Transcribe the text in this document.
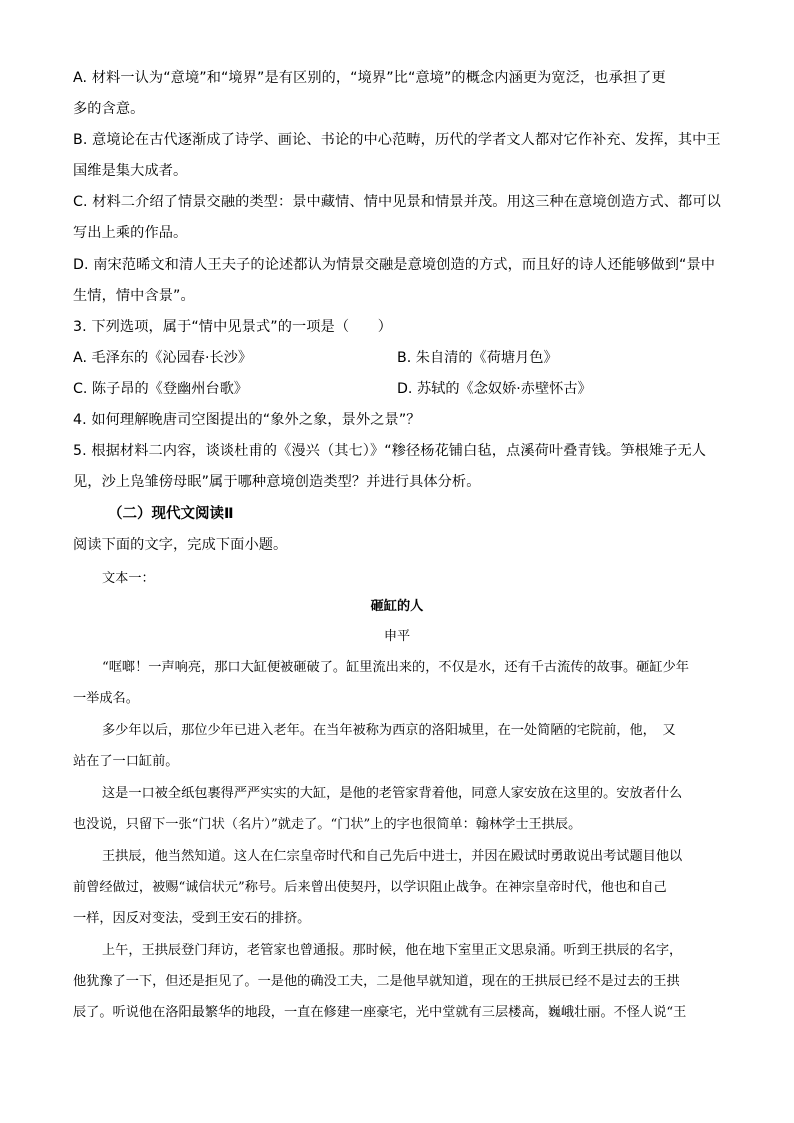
A. 材料一认为“意境”和“境界”是有区别的，“境界”比“意境”的概念内涵更为宽泛，也承担了更
多的含意。
B. 意境论在古代逐渐成了诗学、画论、书论的中心范畴，历代的学者文人都对它作补充、发挥，其中王
国维是集大成者。
C. 材料二介绍了情景交融的类型：景中藏情、情中见景和情景并茂。用这三种在意境创造方式、都可以
写出上乘的作品。
D. 南宋范晞文和清人王夫子的论述都认为情景交融是意境创造的方式，而且好的诗人还能够做到“景中
生情，情中含景”。
3. 下列选项，属于“情中见景式”的一项是（　　）
A. 毛泽东的《沁园春·长沙》	B. 朱自清的《荷塘月色》
C. 陈子昂的《登幽州台歌》	D. 苏轼的《念奴娇·赤壁怀古》
4. 如何理解晚唐司空图提出的“象外之象，景外之景”？
5. 根据材料二内容，谈谈杜甫的《漫兴（其七）》“糁径杨花铺白毡，点溪荷叶叠青钱。笋根雉子无人
见，沙上凫雏傍母眠”属于哪种意境创造类型？并进行具体分析。
（二）现代文阅读Ⅱ
阅读下面的文字，完成下面小题。
文本一：
砸缸的人
申平
“哐啷！一声响亮，那口大缸便被砸破了。缸里流出来的，不仅是水，还有千古流传的故事。砸缸少年
一举成名。
多少年以后，那位少年已进入老年。在当年被称为西京的洛阳城里，在一处简陋的宅院前，他，　又
站在了一口缸前。
这是一口被全纸包裹得严严实实的大缸，是他的老管家背着他，同意人家安放在这里的。安放者什么
也没说，只留下一张“门状（名片）”就走了。“门状”上的字也很简单：翰林学士王拱辰。
王拱辰，他当然知道。这人在仁宗皇帝时代和自己先后中进士，并因在殿试时勇敢说出考试题目他以
前曾经做过，被赐“诚信状元”称号。后来曾出使契丹，以学识阻止战争。在神宗皇帝时代，他也和自己
一样，因反对变法，受到王安石的排挤。
上午，王拱辰登门拜访，老管家也曾通报。那时候，他在地下室里正文思泉涌。听到王拱辰的名字，
他犹豫了一下，但还是拒见了。一是他的确没工夫，二是他早就知道，现在的王拱辰已经不是过去的王拱
辰了。听说他在洛阳最繁华的地段，一直在修建一座豪宅，光中堂就有三层楼高，巍峨壮丽。不怪人说“王
